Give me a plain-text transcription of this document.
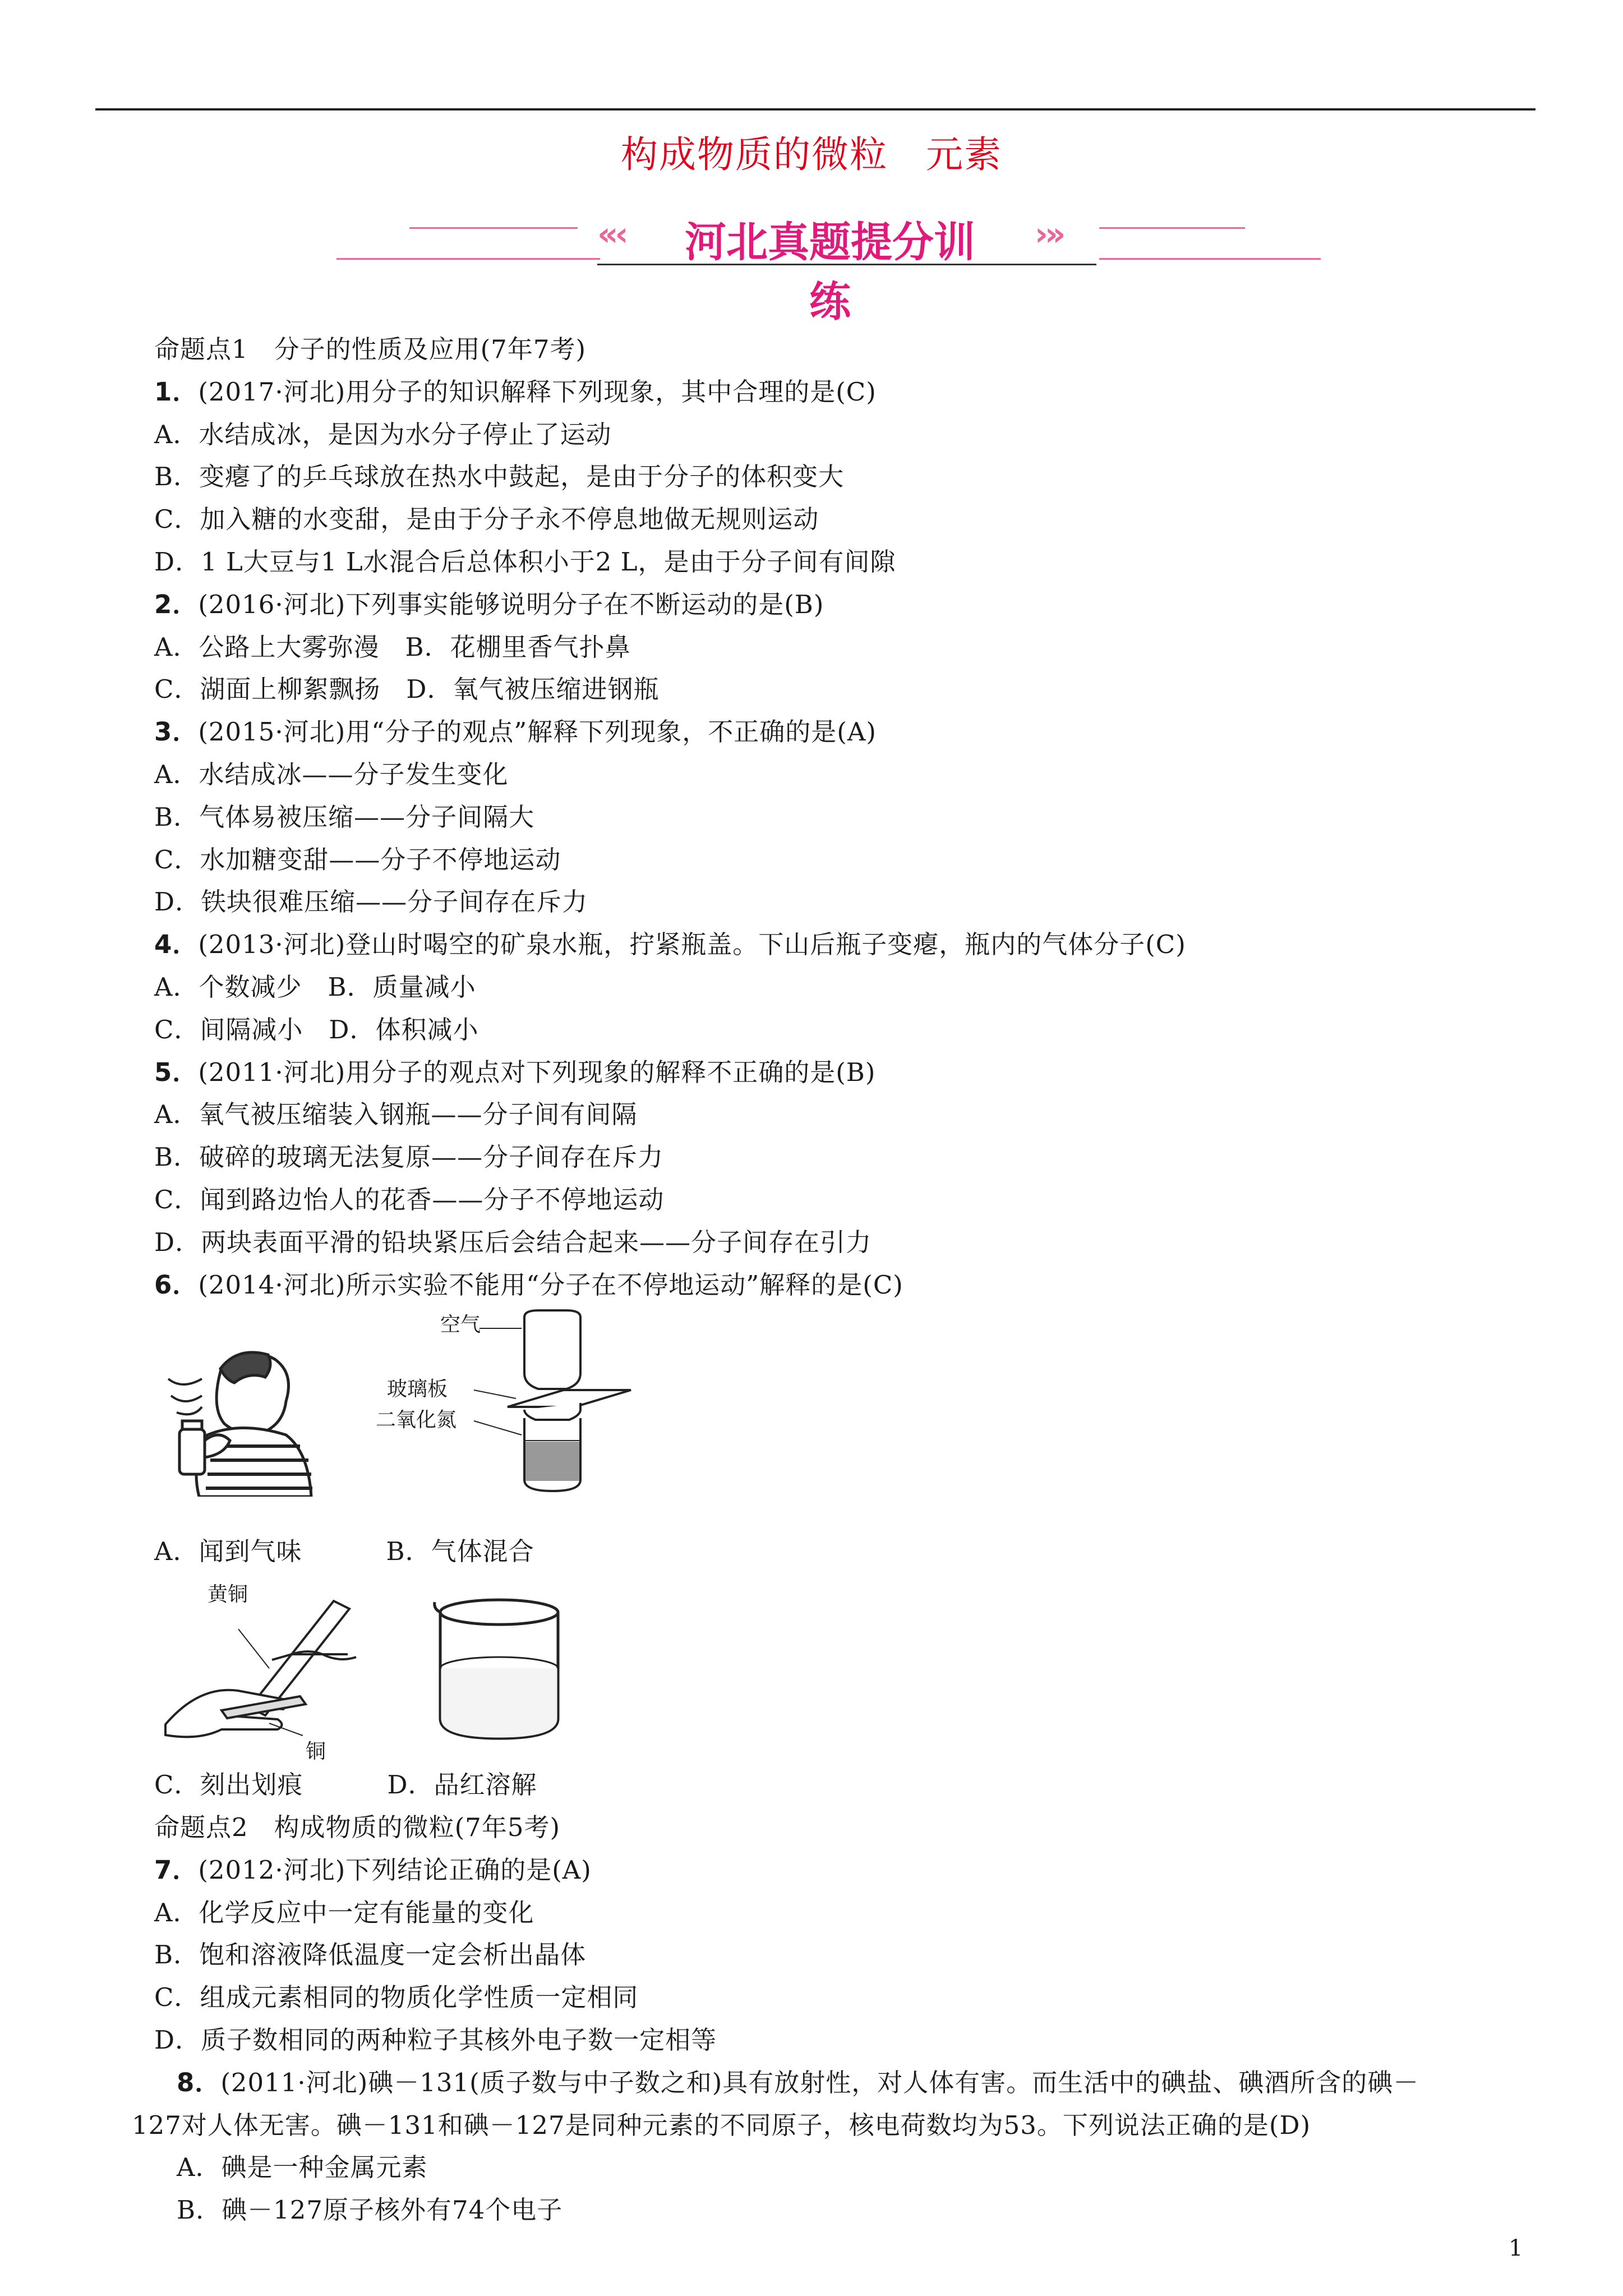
构成物质的微粒　元素
«‹ 河北真题提分训练
›»
命题点1　分子的性质及应用(7年7考)
1．(2017·河北)用分子的知识解释下列现象，其中合理的是(C)
A．水结成冰，是因为水分子停止了运动
B．变瘪了的乒乓球放在热水中鼓起，是由于分子的体积变大
C．加入糖的水变甜，是由于分子永不停息地做无规则运动
D．1 L大豆与1 L水混合后总体积小于2 L，是由于分子间有间隙
2．(2016·河北)下列事实能够说明分子在不断运动的是(B)
A．公路上大雾弥漫　B．花棚里香气扑鼻
C．湖面上柳絮飘扬　D．氧气被压缩进钢瓶
3．(2015·河北)用“分子的观点”解释下列现象，不正确的是(A)
A．水结成冰——分子发生变化
B．气体易被压缩——分子间隔大
C．水加糖变甜——分子不停地运动
D．铁块很难压缩——分子间存在斥力
4．(2013·河北)登山时喝空的矿泉水瓶，拧紧瓶盖。下山后瓶子变瘪，瓶内的气体分子(C)
A．个数减少　B．质量减小
C．间隔减小　D．体积减小
5．(2011·河北)用分子的观点对下列现象的解释不正确的是(B)
A．氧气被压缩装入钢瓶——分子间有间隔
B．破碎的玻璃无法复原——分子间存在斥力
C．闻到路边怡人的花香——分子不停地运动
D．两块表面平滑的铅块紧压后会结合起来——分子间存在引力
6．(2014·河北)所示实验不能用“分子在不停地运动”解释的是(C)
空气
玻璃板
二氧化氮
A．闻到气味	B．气体混合
黄铜
铜
C．刻出划痕	D．品红溶解
命题点2　构成物质的微粒(7年5考)
7．(2012·河北)下列结论正确的是(A)
A．化学反应中一定有能量的变化
B．饱和溶液降低温度一定会析出晶体
C．组成元素相同的物质化学性质一定相同
D．质子数相同的两种粒子其核外电子数一定相等
8．(2011·河北)碘－131(质子数与中子数之和)具有放射性，对人体有害。而生活中的碘盐、碘酒所含的碘－
127对人体无害。碘－131和碘－127是同种元素的不同原子，核电荷数均为53。下列说法正确的是(D)
A．碘是一种金属元素
B．碘－127原子核外有74个电子
1
